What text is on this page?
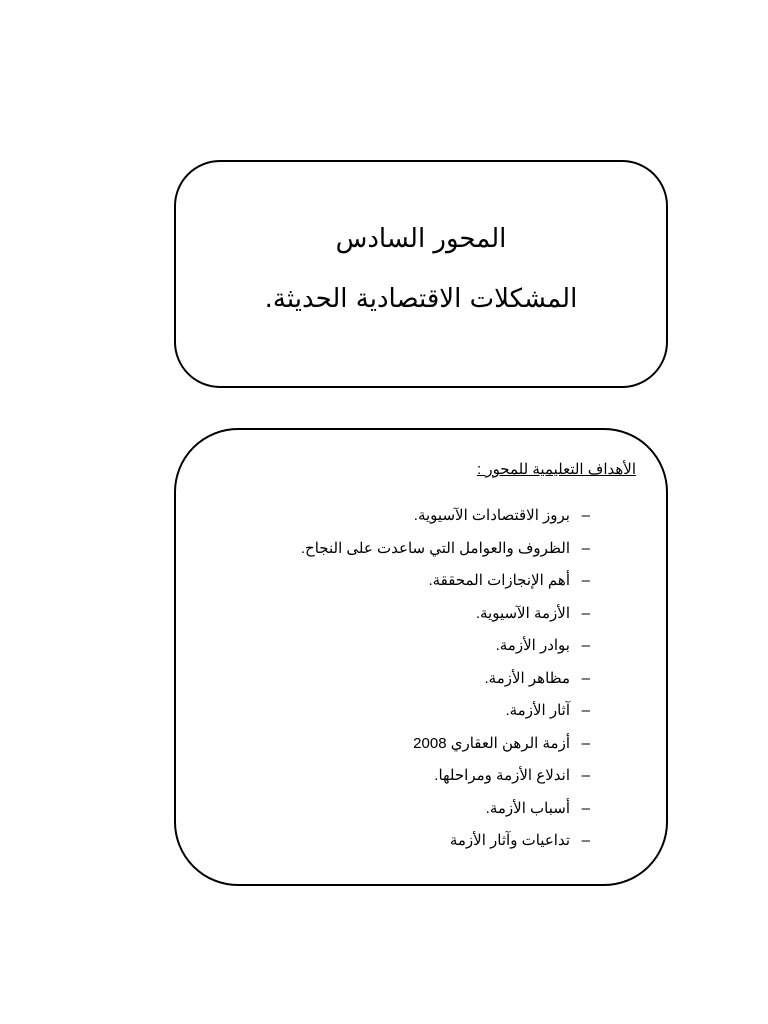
المحور السادس
المشكلات الاقتصادية الحديثة.
الأهداف التعليمية للمحور :
–
بروز الاقتصادات الآسيوية.
–
الظروف والعوامل التي ساعدت على النجاح.
–
أهم الإنجازات المحققة.
–
الأزمة الآسيوية.
–
بوادر الأزمة.
–
مظاهر الأزمة.
–
آثار الأزمة.
–
أزمة الرهن العقاري 2008
–
اندلاع الأزمة ومراحلها.
–
أسباب الأزمة.
–
تداعيات وآثار الأزمة
